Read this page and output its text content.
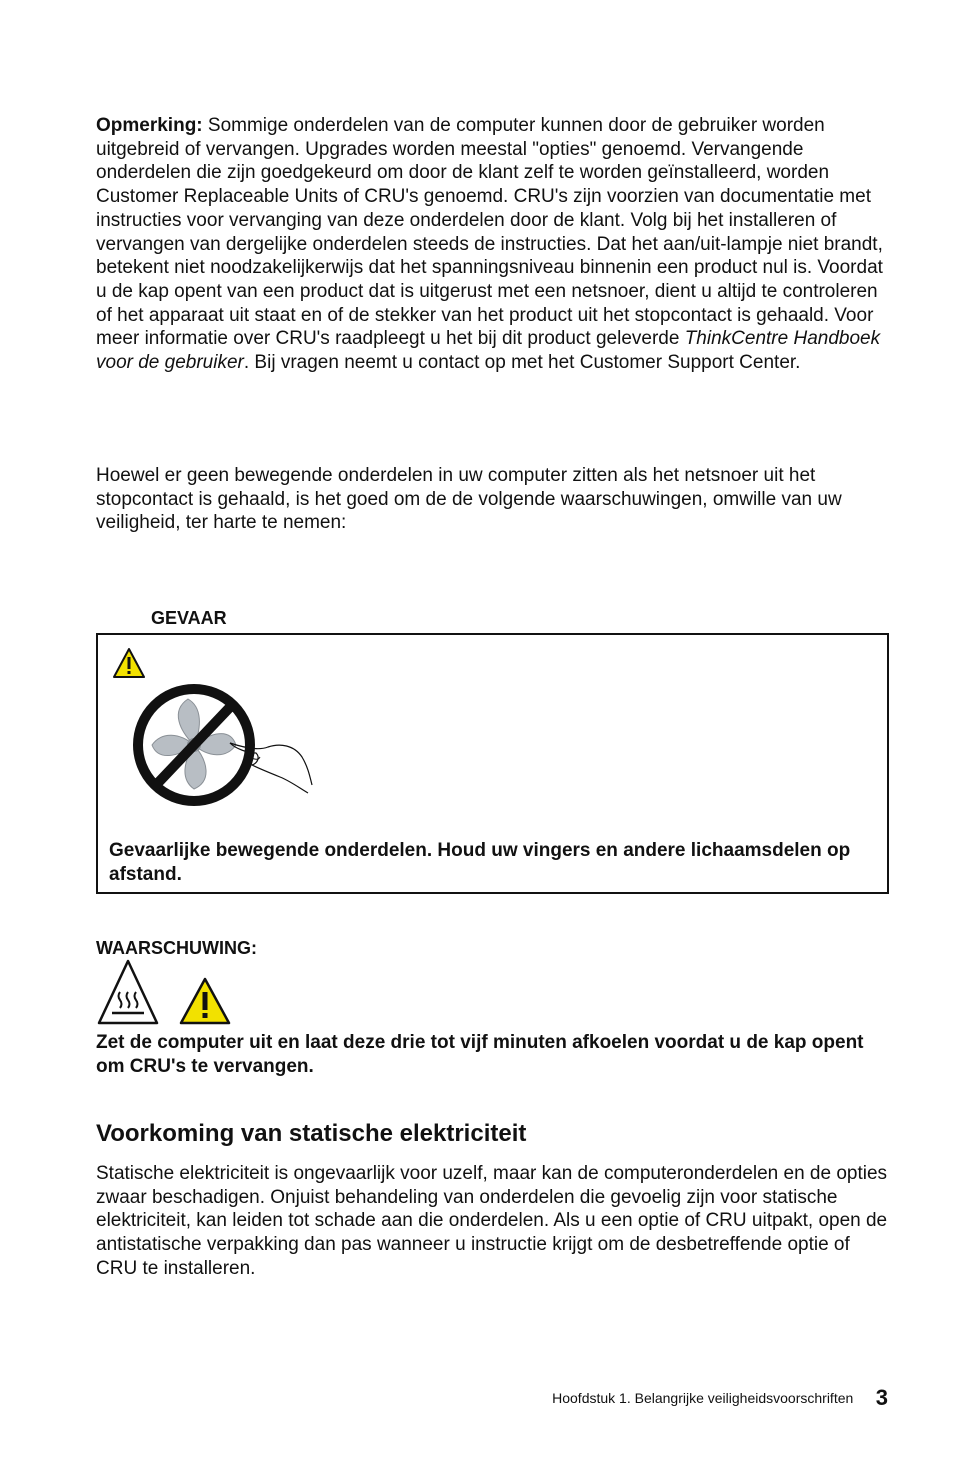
Opmerking: Sommige onderdelen van de computer kunnen door de gebruiker worden uitgebreid of vervangen. Upgrades worden meestal "opties" genoemd. Vervangende onderdelen die zijn goedgekeurd om door de klant zelf te worden geïnstalleerd, worden Customer Replaceable Units of CRU's genoemd. CRU's zijn voorzien van documentatie met instructies voor vervanging van deze onderdelen door de klant. Volg bij het installeren of vervangen van dergelijke onderdelen steeds de instructies. Dat het aan/uit-lampje niet brandt, betekent niet noodzakelijkerwijs dat het spanningsniveau binnenin een product nul is. Voordat u de kap opent van een product dat is uitgerust met een netsnoer, dient u altijd te controleren of het apparaat uit staat en of de stekker van het product uit het stopcontact is gehaald. Voor meer informatie over CRU's raadpleegt u het bij dit product geleverde ThinkCentre Handboek voor de gebruiker. Bij vragen neemt u contact op met het Customer Support Center.

Hoewel er geen bewegende onderdelen in uw computer zitten als het netsnoer uit het stopcontact is gehaald, is het goed om de de volgende waarschuwingen, omwille van uw veiligheid, ter harte te nemen:

GEVAAR
Gevaarlijke bewegende onderdelen. Houd uw vingers en andere lichaamsdelen op afstand.
WAARSCHUWING:
Zet de computer uit en laat deze drie tot vijf minuten afkoelen voordat u de kap opent om CRU's te vervangen.
Voorkoming van statische elektriciteit

Statische elektriciteit is ongevaarlijk voor uzelf, maar kan de computeronderdelen en de opties zwaar beschadigen. Onjuist behandeling van onderdelen die gevoelig zijn voor statische elektriciteit, kan leiden tot schade aan die onderdelen. Als u een optie of CRU uitpakt, open de antistatische verpakking dan pas wanneer u instructie krijgt om de desbetreffende optie of CRU te installeren.

Hoofdstuk 1. Belangrijke veiligheidsvoorschriften 3
